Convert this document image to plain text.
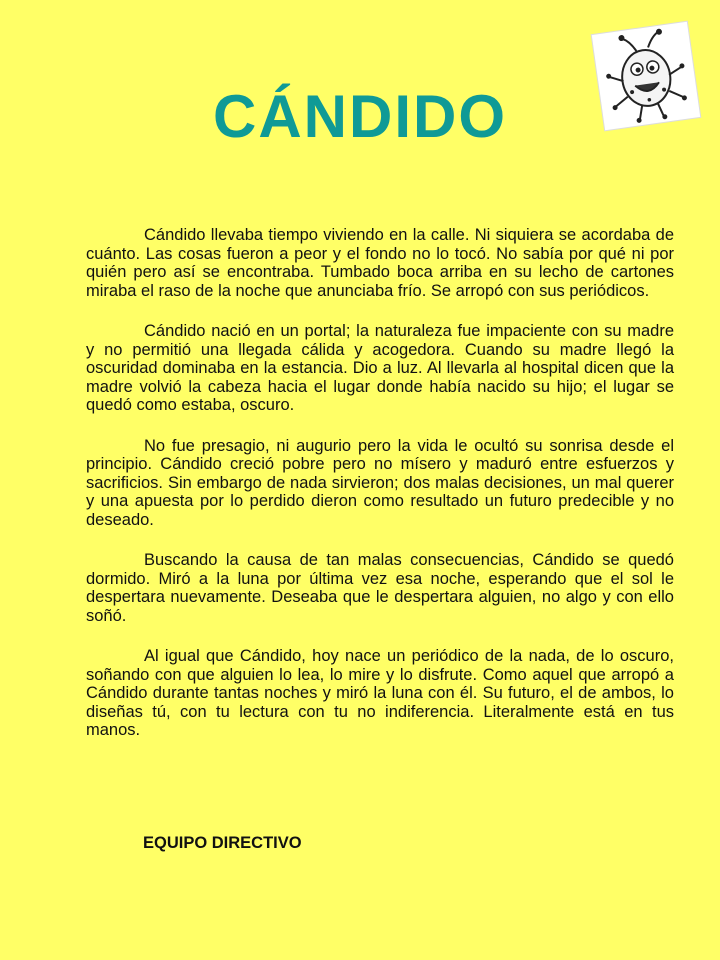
CÁNDIDO

Cándido llevaba tiempo viviendo en la calle. Ni siquiera se acordaba de cuánto. Las cosas fueron a peor y el fondo no lo tocó. No sabía por qué ni por quién pero así se encontraba. Tumbado boca arriba en su lecho de cartones miraba el raso de la noche que anunciaba frío. Se arropó con sus periódicos.

Cándido nació en un portal; la naturaleza fue impaciente con su madre y no permitió una llegada cálida y acogedora. Cuando su madre llegó la oscuridad dominaba en la estancia. Dio a luz. Al llevarla al hospital dicen que la madre volvió la cabeza hacia el lugar donde había nacido su hijo; el lugar se quedó como estaba, oscuro.

No fue presagio, ni augurio pero la vida le ocultó su sonrisa desde el principio. Cándido creció pobre pero no mísero y maduró entre esfuerzos y sacrificios. Sin embargo de nada sirvieron; dos malas decisiones, un mal querer y una apuesta por lo perdido dieron como resultado un futuro predecible y no deseado.

Buscando la causa de tan malas consecuencias, Cándido se quedó dormido. Miró a la luna por última vez esa noche, esperando que el sol le despertara nuevamente. Deseaba que le despertara alguien, no algo y con ello soñó.

Al igual que Cándido, hoy nace un periódico de la nada, de lo oscuro, soñando con que alguien lo lea, lo mire y lo disfrute. Como aquel que arropó a Cándido durante tantas noches y miró la luna con él. Su futuro, el de ambos, lo diseñas tú, con tu lectura con tu no indiferencia. Literalmente está en tus manos.

EQUIPO DIRECTIVO
